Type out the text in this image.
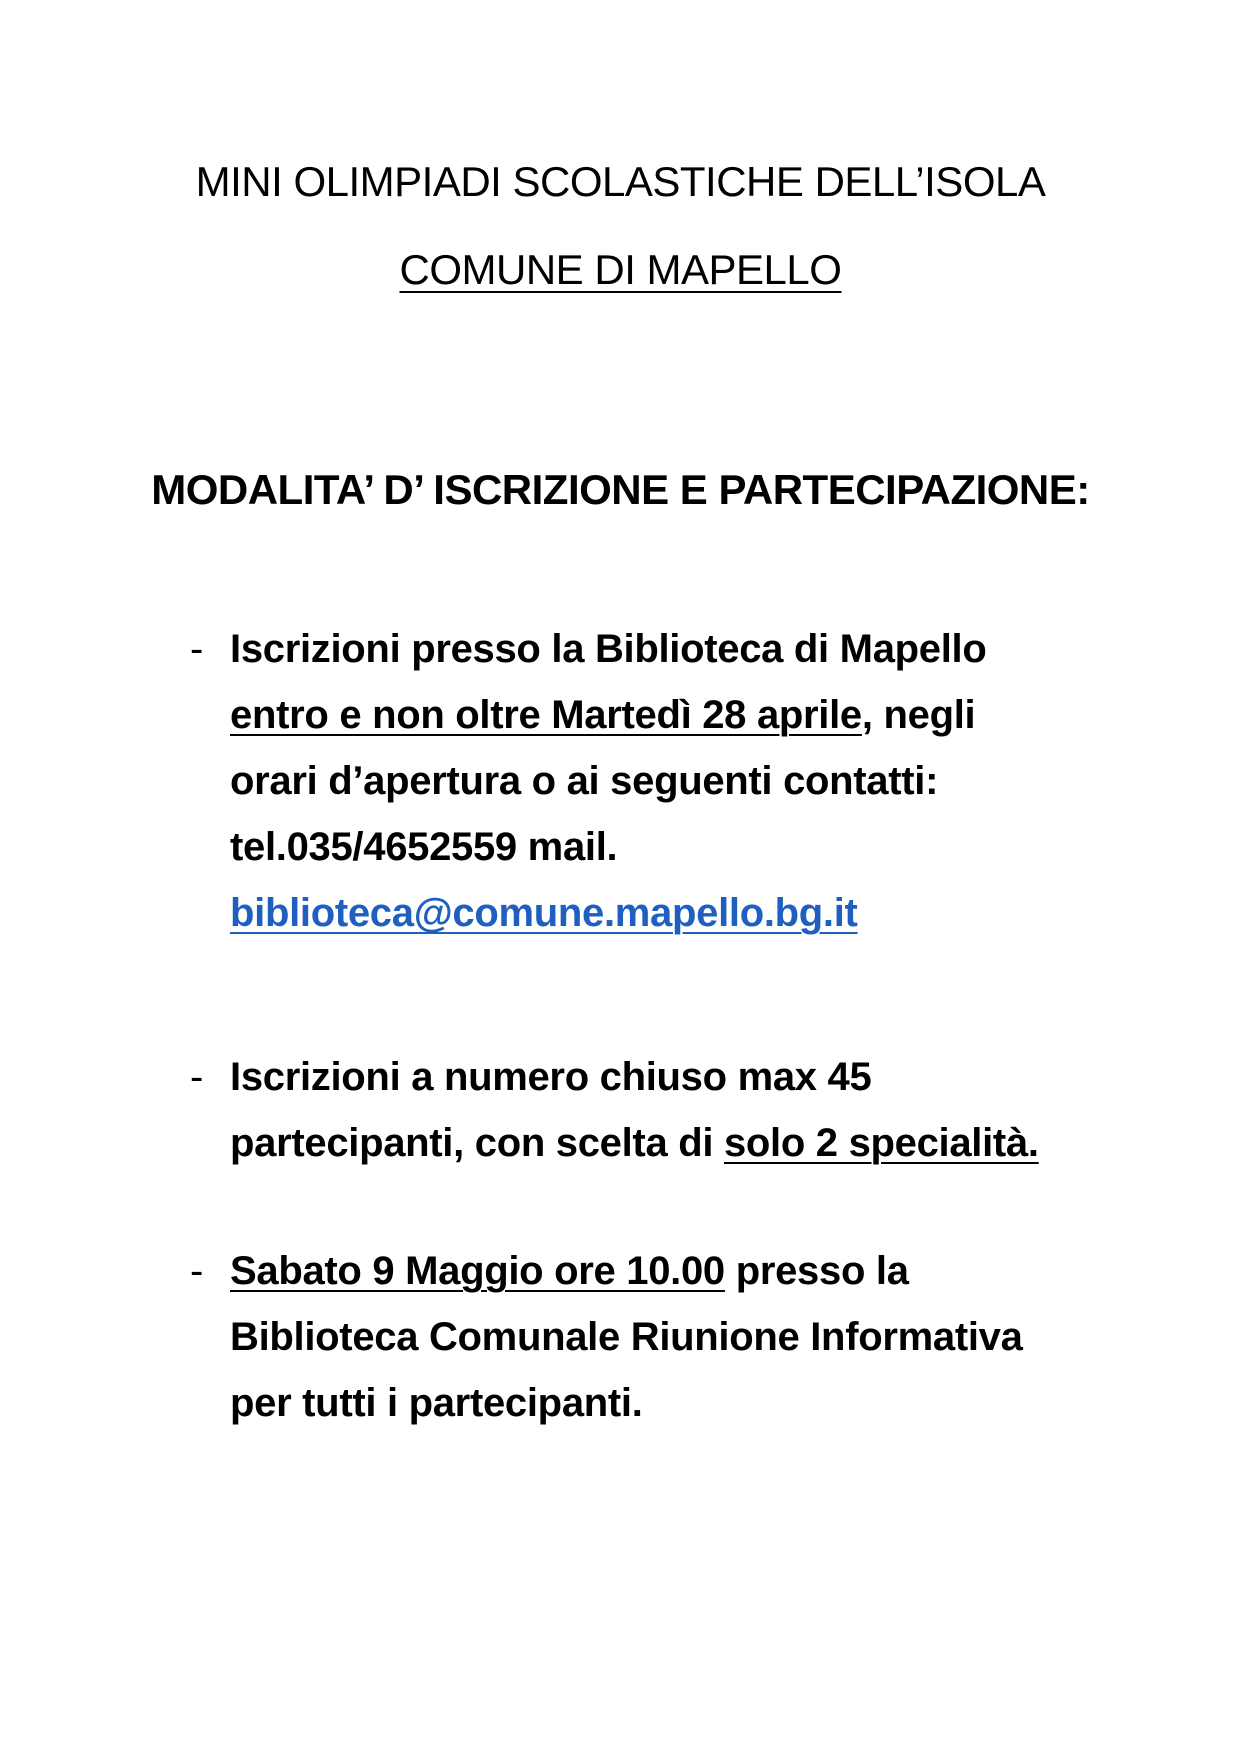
MINI OLIMPIADI SCOLASTICHE DELL’ISOLA
COMUNE DI MAPELLO
MODALITA’ D’ ISCRIZIONE E PARTECIPAZIONE:
- Iscrizioni presso la Biblioteca di Mapello
entro e non oltre Martedì 28 aprile, negli
orari d’apertura o ai seguenti contatti:
tel.035/4652559 mail.
biblioteca@comune.mapello.bg.it
- Iscrizioni a numero chiuso max 45
partecipanti, con scelta di solo 2 specialità.
- Sabato 9 Maggio ore 10.00 presso la
Biblioteca Comunale Riunione Informativa
per tutti i partecipanti.
